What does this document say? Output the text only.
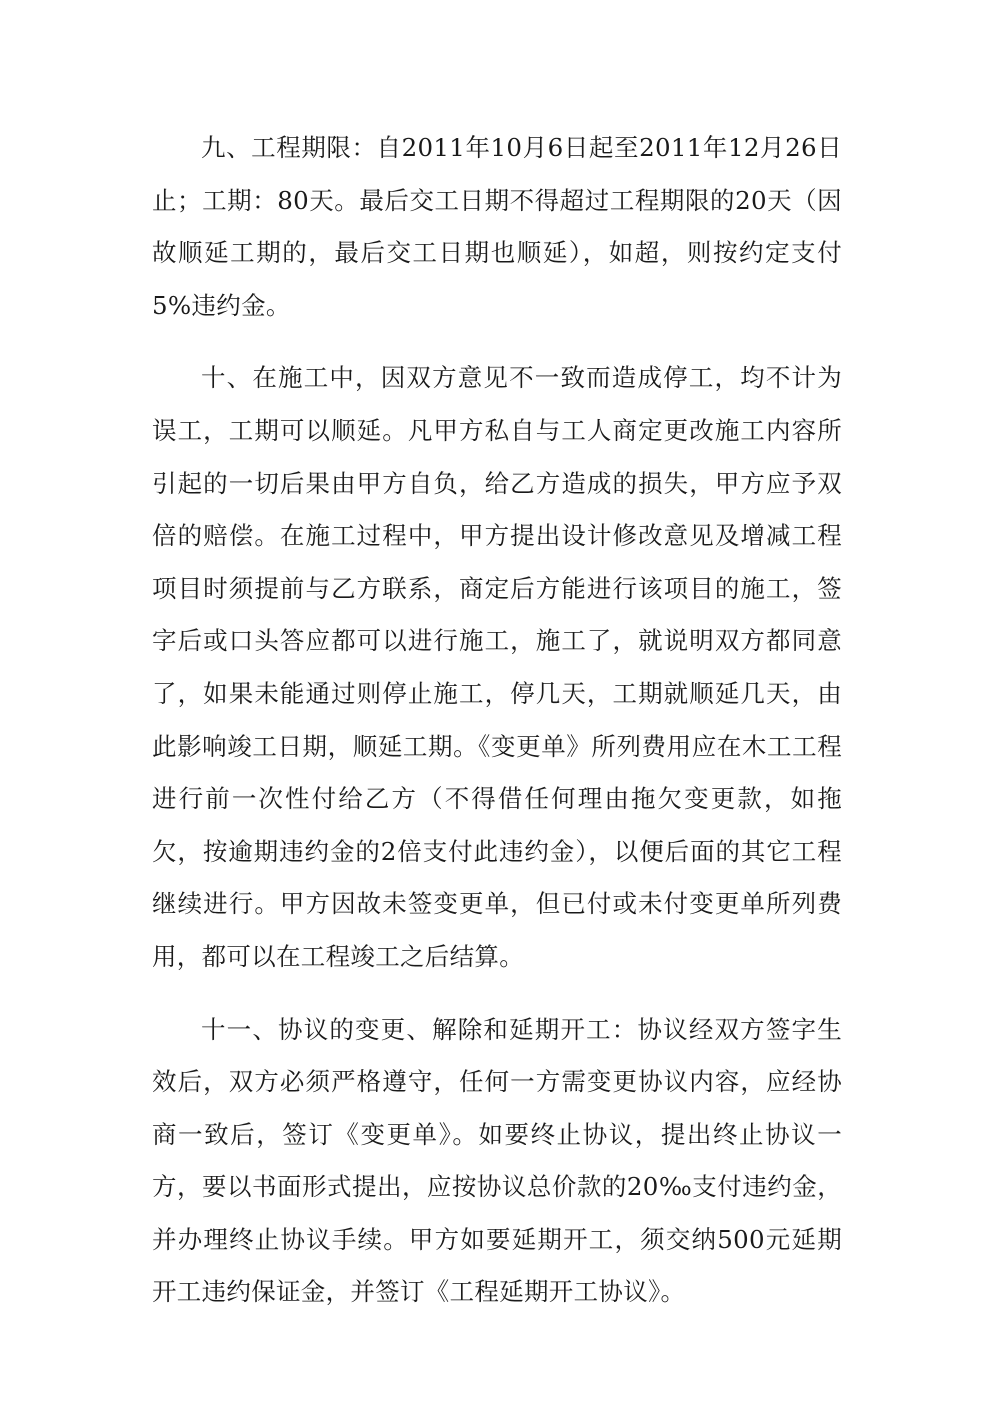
九、工程期限：自2011年10月6日起至2011年12月26日止；工期：80天。最后交工日期不得超过工程期限的20天（因故顺延工期的，最后交工日期也顺延），如超，则按约定支付5%违约金。

十、在施工中，因双方意见不一致而造成停工，均不计为误工，工期可以顺延。凡甲方私自与工人商定更改施工内容所引起的一切后果由甲方自负，给乙方造成的损失，甲方应予双倍的赔偿。在施工过程中，甲方提出设计修改意见及增减工程项目时须提前与乙方联系，商定后方能进行该项目的施工，签字后或口头答应都可以进行施工，施工了，就说明双方都同意了，如果未能通过则停止施工，停几天，工期就顺延几天，由此影响竣工日期，顺延工期。《变更单》所列费用应在木工工程进行前一次性付给乙方（不得借任何理由拖欠变更款，如拖欠，按逾期违约金的2倍支付此违约金），以便后面的其它工程继续进行。甲方因故未签变更单，但已付或未付变更单所列费用，都可以在工程竣工之后结算。

十一、协议的变更、解除和延期开工：协议经双方签字生效后，双方必须严格遵守，任何一方需变更协议内容，应经协商一致后，签订《变更单》。如要终止协议，提出终止协议一方，要以书面形式提出，应按协议总价款的20‰支付违约金，并办理终止协议手续。甲方如要延期开工，须交纳500元延期开工违约保证金，并签订《工程延期开工协议》。
